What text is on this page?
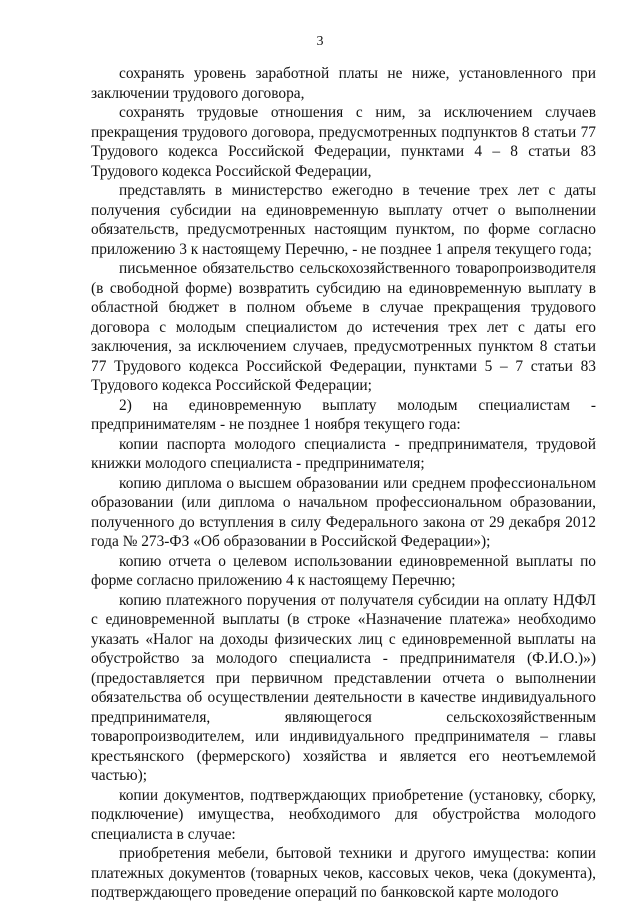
3

сохранять уровень заработной платы не ниже, установленного при заключении трудового договора,

сохранять трудовые отношения с ним, за исключением случаев прекращения трудового договора, предусмотренных подпунктов 8 статьи 77 Трудового кодекса Российской Федерации, пунктами 4 – 8 статьи 83 Трудового кодекса Российской Федерации,

представлять в министерство ежегодно в течение трех лет с даты получения субсидии на единовременную выплату отчет о выполнении обязательств, предусмотренных настоящим пунктом, по форме согласно приложению 3 к настоящему Перечню, - не позднее 1 апреля текущего года;

письменное обязательство сельскохозяйственного товаропроизводителя (в свободной форме) возвратить субсидию на единовременную выплату в областной бюджет в полном объеме в случае прекращения трудового договора с молодым специалистом до истечения трех лет с даты его заключения, за исключением случаев, предусмотренных пунктом 8 статьи 77 Трудового кодекса Российской Федерации, пунктами 5 – 7 статьи 83 Трудового кодекса Российской Федерации;

2) на единовременную выплату молодым специалистам - предпринимателям - не позднее 1 ноября текущего года:

копии паспорта молодого специалиста - предпринимателя, трудовой книжки молодого специалиста - предпринимателя;

копию диплома о высшем образовании или среднем профессиональном образовании (или диплома о начальном профессиональном образовании, полученного до вступления в силу Федерального закона от 29 декабря 2012 года № 273-ФЗ «Об образовании в Российской Федерации»);

копию отчета о целевом использовании единовременной выплаты по форме согласно приложению 4 к настоящему Перечню;

копию платежного поручения от получателя субсидии на оплату НДФЛ с единовременной выплаты (в строке «Назначение платежа» необходимо указать «Налог на доходы физических лиц с единовременной выплаты на обустройство за молодого специалиста - предпринимателя (Ф.И.О.)») (предоставляется при первичном представлении отчета о выполнении обязательства об осуществлении деятельности в качестве индивидуального предпринимателя, являющегося сельскохозяйственным товаропроизводителем, или индивидуального предпринимателя – главы крестьянского (фермерского) хозяйства и является его неотъемлемой частью);

копии документов, подтверждающих приобретение (установку, сборку, подключение) имущества, необходимого для обустройства молодого специалиста в случае:

приобретения мебели, бытовой техники и другого имущества: копии платежных документов (товарных чеков, кассовых чеков, чека (документа), подтверждающего проведение операций по банковской карте молодого
